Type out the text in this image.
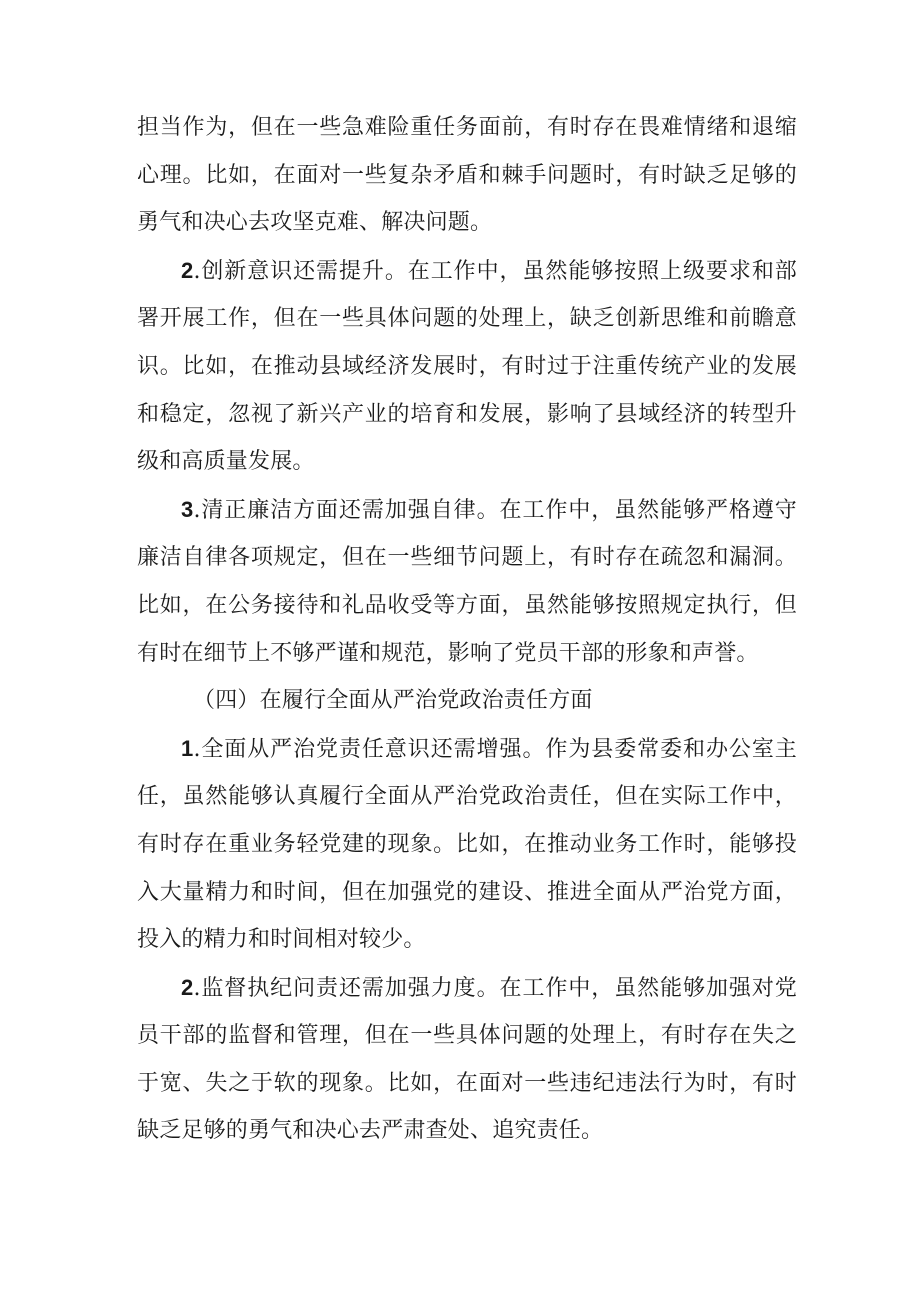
担当作为，但在一些急难险重任务面前，有时存在畏难情绪和退缩心理。比如，在面对一些复杂矛盾和棘手问题时，有时缺乏足够的勇气和决心去攻坚克难、解决问题。

2.创新意识还需提升。在工作中，虽然能够按照上级要求和部署开展工作，但在一些具体问题的处理上，缺乏创新思维和前瞻意识。比如，在推动县域经济发展时，有时过于注重传统产业的发展和稳定，忽视了新兴产业的培育和发展，影响了县域经济的转型升级和高质量发展。

3.清正廉洁方面还需加强自律。在工作中，虽然能够严格遵守廉洁自律各项规定，但在一些细节问题上，有时存在疏忽和漏洞。比如，在公务接待和礼品收受等方面，虽然能够按照规定执行，但有时在细节上不够严谨和规范，影响了党员干部的形象和声誉。

（四）在履行全面从严治党政治责任方面

1.全面从严治党责任意识还需增强。作为县委常委和办公室主任，虽然能够认真履行全面从严治党政治责任，但在实际工作中，有时存在重业务轻党建的现象。比如，在推动业务工作时，能够投入大量精力和时间，但在加强党的建设、推进全面从严治党方面，投入的精力和时间相对较少。

2.监督执纪问责还需加强力度。在工作中，虽然能够加强对党员干部的监督和管理，但在一些具体问题的处理上，有时存在失之于宽、失之于软的现象。比如，在面对一些违纪违法行为时，有时缺乏足够的勇气和决心去严肃查处、追究责任。
